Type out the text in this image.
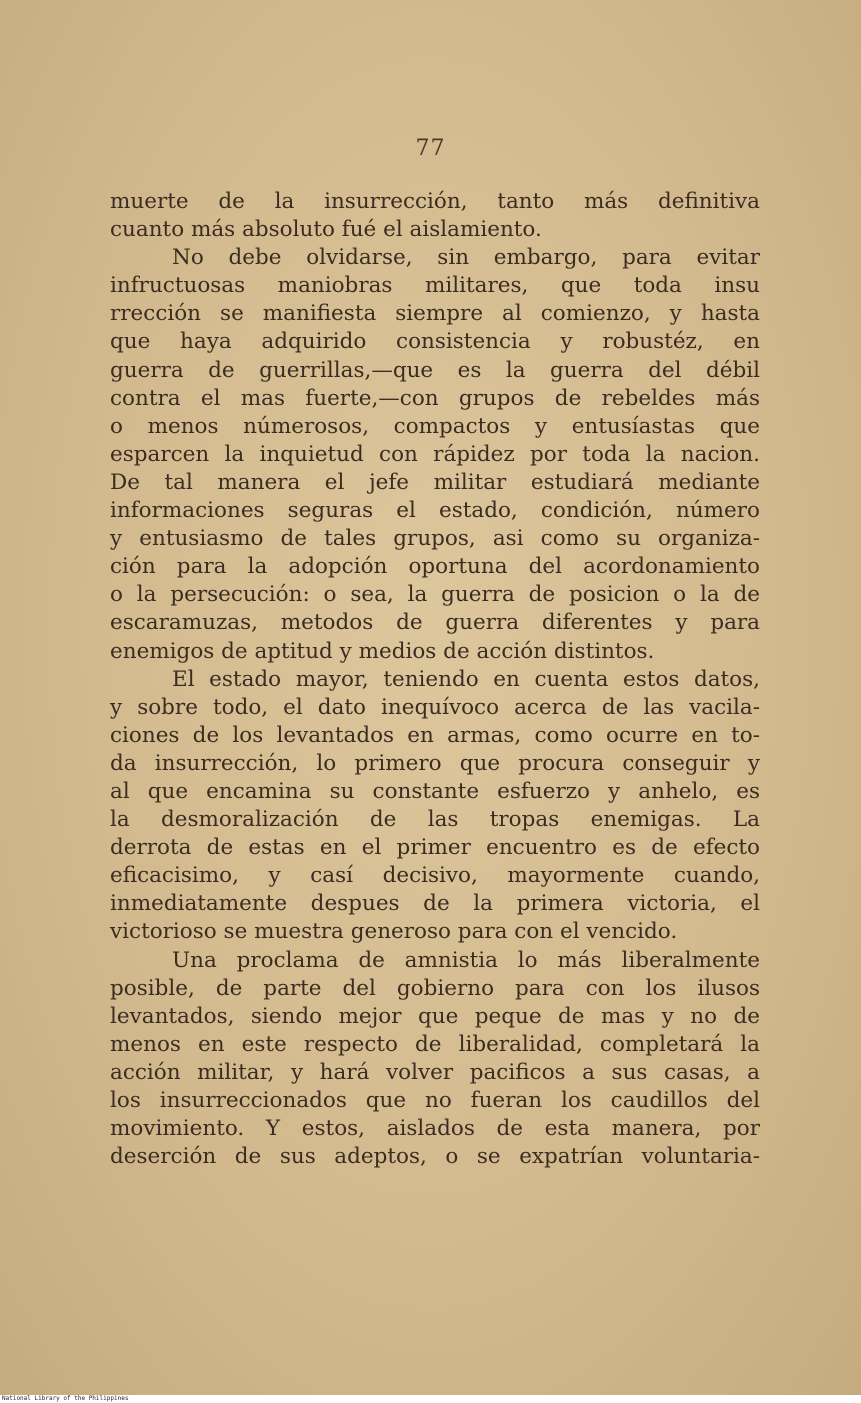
77
muerte de la insurrección, tanto más definitiva
cuanto más absoluto fué el aislamiento.
No debe olvidarse, sin embargo, para evitar
infructuosas maniobras militares, que toda insu
rrección se manifiesta siempre al comienzo, y hasta
que haya adquirido consistencia y robustéz, en
guerra de guerrillas,—que es la guerra del débil
contra el mas fuerte,—con grupos de rebeldes más
o menos númerosos, compactos y entusíastas que
esparcen la inquietud con rápidez por toda la nacion.
De tal manera el jefe militar estudiará mediante
informaciones seguras el estado, condición, número
y entusiasmo de tales grupos, asi como su organiza-
ción para la adopción oportuna del acordonamiento
o la persecución: o sea, la guerra de posicion o la de
escaramuzas, metodos de guerra diferentes y para
enemigos de aptitud y medios de acción distintos.
El estado mayor, teniendo en cuenta estos datos,
y sobre todo, el dato inequívoco acerca de las vacila-
ciones de los levantados en armas, como ocurre en to-
da insurrección, lo primero que procura conseguir y
al que encamina su constante esfuerzo y anhelo, es
la desmoralización de las tropas enemigas. La
derrota de estas en el primer encuentro es de efecto
eficacisimo, y casí decisivo, mayormente cuando,
inmediatamente despues de la primera victoria, el
victorioso se muestra generoso para con el vencido.
Una proclama de amnistia lo más liberalmente
posible, de parte del gobierno para con los ilusos
levantados, siendo mejor que peque de mas y no de
menos en este respecto de liberalidad, completará la
acción militar, y hará volver pacificos a sus casas, a
los insurreccionados que no fueran los caudillos del
movimiento. Y estos, aislados de esta manera, por
deserción de sus adeptos, o se expatrían voluntaria-
National Library of the Philippines
